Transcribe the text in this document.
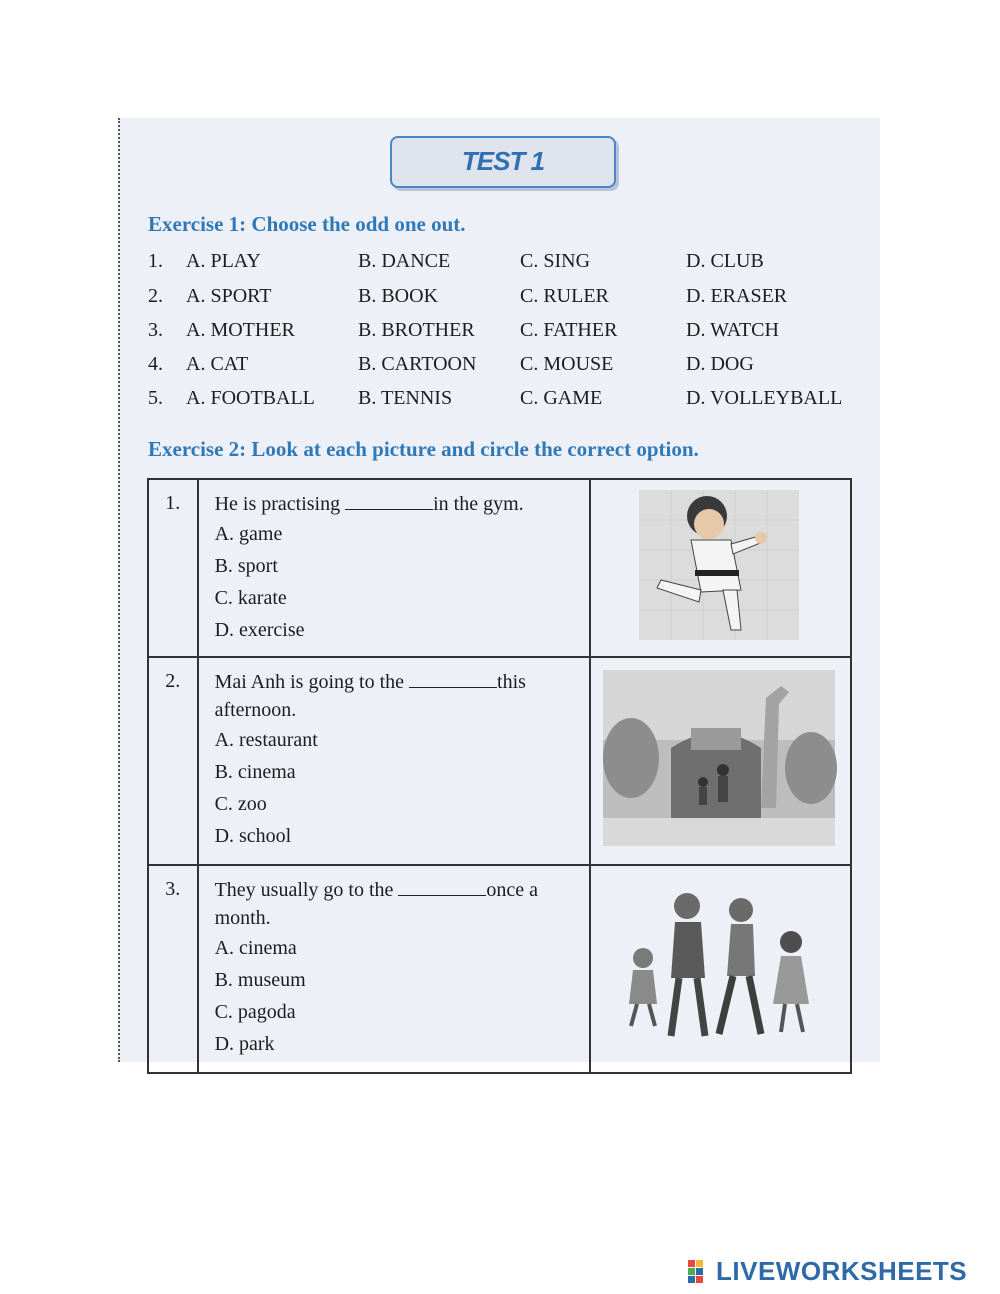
TEST 1
Exercise 1: Choose the odd one out.
1. A. PLAY	B. DANCE	C. SING	D. CLUB
2. A. SPORT	B. BOOK	C. RULER	D. ERASER
3. A. MOTHER	B. BROTHER C. FATHER	D. WATCH
4. A. CAT	B. CARTOON C. MOUSE	D. DOG
5. A. FOOTBALL B. TENNIS	C. GAME	D. VOLLEYBALL
Exercise 2: Look at each picture and circle the correct option.
1.	He is practising in the gym.
A. game
B. sport
C. karate
D. exercise

2.	Mai Anh is going to the this afternoon.
A. restaurant
B. cinema
C. zoo
D. school

3.	They usually go to the once a month.
A. cinema
B. museum
C. pagoda
D. park

LIVEWORKSHEETS
